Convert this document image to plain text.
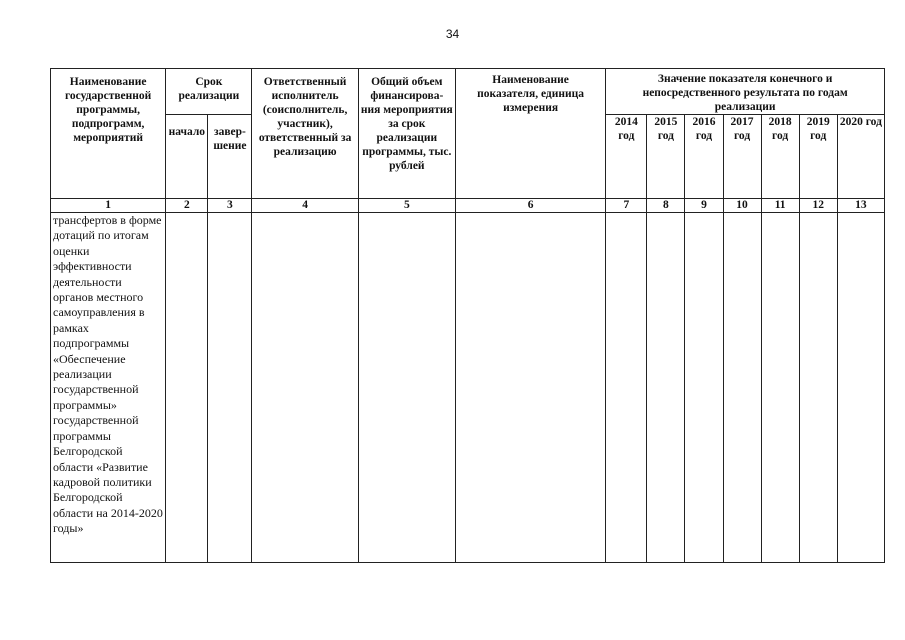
34
Наименование государственной программы, подпрограмм, мероприятий	Срок реализации		Ответственный исполнитель (соисполнитель, участник), ответственный за реализацию	Общий объем финансирова-ния мероприятия за срок реализации программы, тыс. рублей	Наименование показателя, единица измерения	Значение показателя конечного и непосредственного результата по годам реализации						
	начало	завер-шение				2014 год	2015 год	2016 год	2017 год	2018 год	2019 год	2020 год
1	2	3	4	5	6	7	8	9	10	11	12	13
трансфертов в форме дотаций по итогам оценки эффективности деятельности органов местного самоуправления в рамках подпрограммы «Обеспечение реализации государственной программы» государственной программы Белгородской области «Развитие кадровой политики Белгородской области на 2014-2020 годы»												
